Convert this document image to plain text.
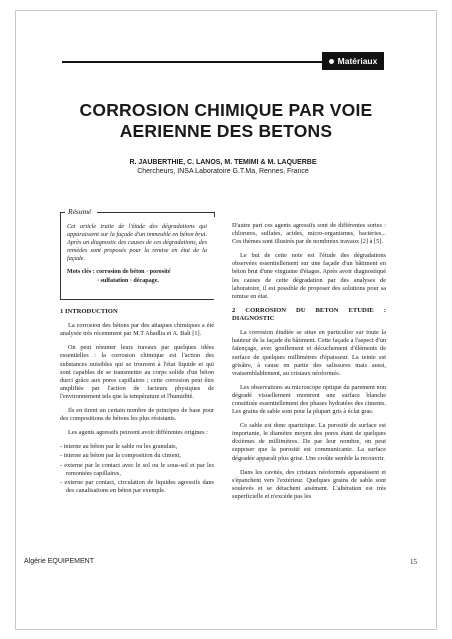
Matériaux
CORROSION CHIMIQUE PAR VOIE
AERIENNE DES BETONS
R. JAUBERTHIE, C. LANOS, M. TEMIMI & M. LAQUERBE
Chercheurs, INSA Laboratoire G.T.Ma, Rennes, France
Résumé

Cet article traite de l'étude des dégradations qui apparaissent sur la façade d'un immeuble en béton brut. Après un diagnostic des causes de ces dégradations, des remèdes sont proposés pour la remise en état de la façade.

Mots clés : corrosion de béton · porosité
· sulfatation · décapage.

1 INTRODUCTION

La corrosion des bétons par des attaques chimiques a été analysée très récemment par M.T Abadlia et A. Bali [1].

On peut résumer leurs travaux par quelques idées essentielles : la corrosion chimique est l'action des substances nuisibles qui se trouvent à l'état liquide et qui sont capables de se transmettre au corps solide d'un béton durci grâce aux pores capillaires ; cette corrosion peut être amplifiée par l'action de facteurs physiques de l'environnement tels que la température et l'humidité.

Ils en tirent un certain nombre de principes de base pour des compositions de bétons les plus résistants.

Les agents agressifs peuvent avoir différentes origines :

- interne au béton par le sable ou les granulats,
- interne au béton par la composition du ciment,
- externe par le contact avec le sol ou le sous-sol et par les remontées capillaires,
- externe par contact, circulation de liquides agressifs dans des canalisations en béton par exemple.

D'autre part ces agents agressifs sont de différentes sortes : chlorures, sulfates, acides, micro-organismes, bactéries... Ces thèmes sont illustrés par de nombreux travaux [2] à [5].

Le but de cette note est l'étude des dégradations observées essentiellement sur une façade d'un bâtiment en béton brut d'une vingtaine d'étages. Après avoir diagnostiqué les causes de cette dégradation par des analyses de laboratoire, il est possible de proposer des solutions pour sa remise en état.

2 CORROSION DU BETON ETUDIE : DIAGNOSTIC

La corrosion étudiée se situe en particulier sur toute la hauteur de la façade du bâtiment. Cette façade a l'aspect d'un faïençage, avec gonflement et décuchement d'éléments de surface de quelques millimètres d'épaisseur. La teinte est grisâtre, à cause en partie des salissures mais aussi, vraisemblablement, au cristaux néoformés.

Les observations au microscope optique du parement non dégradé visuellement montrent une surface blanche constituée essentiellement des phases hydratées des ciments. Les grains de sable sont pour la plupart gris à éclat gras.

Ce sable est donc quartzique. La porosité de surface est importante, le diamètre moyen des pores étant de quelques dixièmes de millimètres. De par leur nombre, on peut supposer que la porosité est communicante. La surface dégradée apparaît plus grise. Une croûte semble la recouvrir.

Dans les cavités, des cristaux néoformés apparaissent et s'épanchent vers l'extérieur. Quelques grains de sable sont soulevés et se détachent aisément. L'altération est très superficielle et n'excède pas les

Algérie EQUIPEMENT	15
